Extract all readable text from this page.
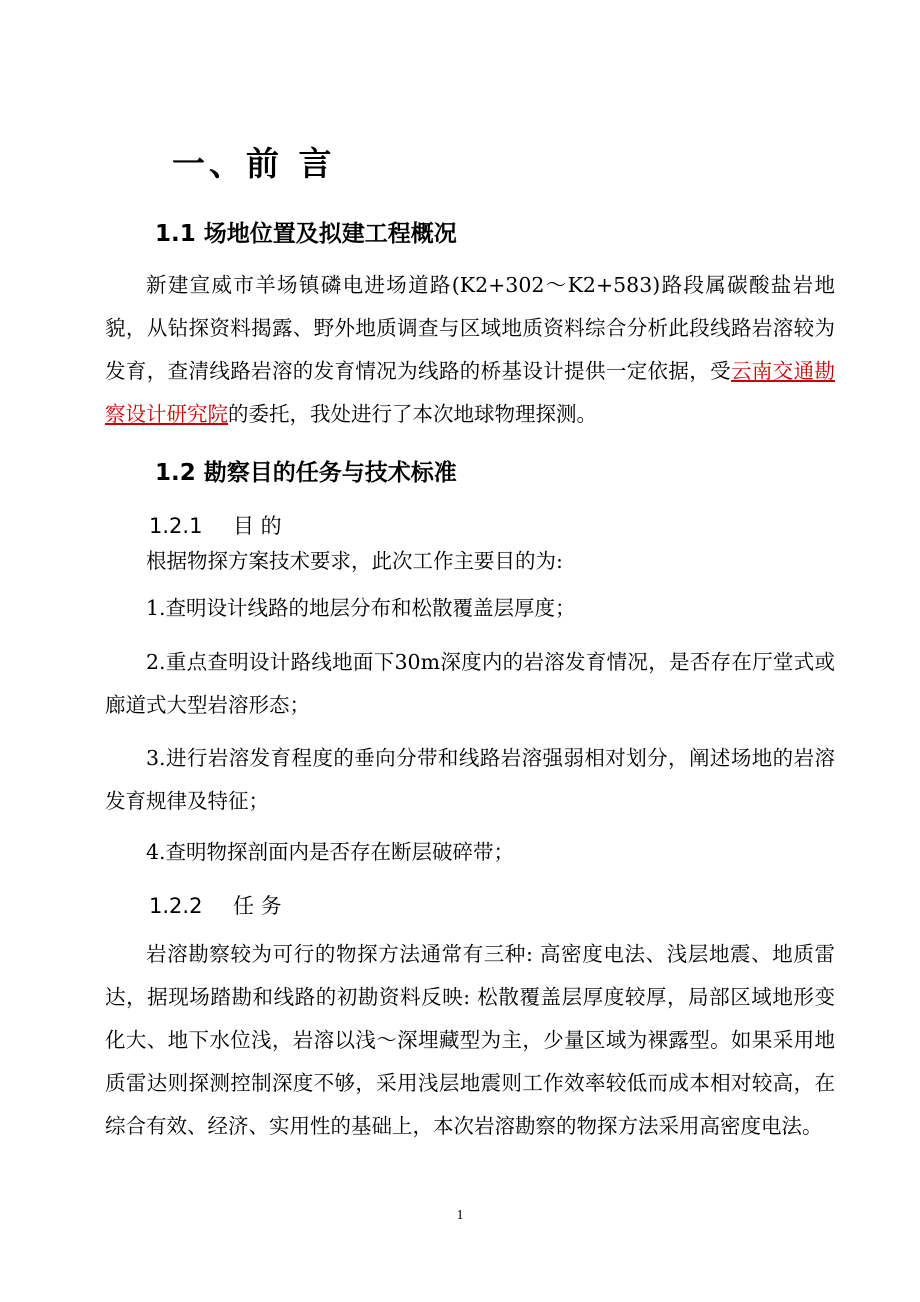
一、前 言
1.1 场地位置及拟建工程概况
新建宣威市羊场镇磷电进场道路(K2+302～K2+583)路段属碳酸盐岩地貌，从钻探资料揭露、野外地质调查与区域地质资料综合分析此段线路岩溶较为发育，查清线路岩溶的发育情况为线路的桥基设计提供一定依据，受云南交通勘察设计研究院的委托，我处进行了本次地球物理探测。
1.2 勘察目的任务与技术标准
1.2.1 目 的
根据物探方案技术要求，此次工作主要目的为:
1.查明设计线路的地层分布和松散覆盖层厚度；
2.重点查明设计路线地面下30m深度内的岩溶发育情况，是否存在厅堂式或廊道式大型岩溶形态；
3.进行岩溶发育程度的垂向分带和线路岩溶强弱相对划分，阐述场地的岩溶发育规律及特征；
4.查明物探剖面内是否存在断层破碎带；
1.2.2 任 务
岩溶勘察较为可行的物探方法通常有三种: 高密度电法、浅层地震、地质雷达，据现场踏勘和线路的初勘资料反映: 松散覆盖层厚度较厚，局部区域地形变化大、地下水位浅，岩溶以浅～深埋藏型为主，少量区域为裸露型。如果采用地质雷达则探测控制深度不够，采用浅层地震则工作效率较低而成本相对较高，在综合有效、经济、实用性的基础上，本次岩溶勘察的物探方法采用高密度电法。
1
